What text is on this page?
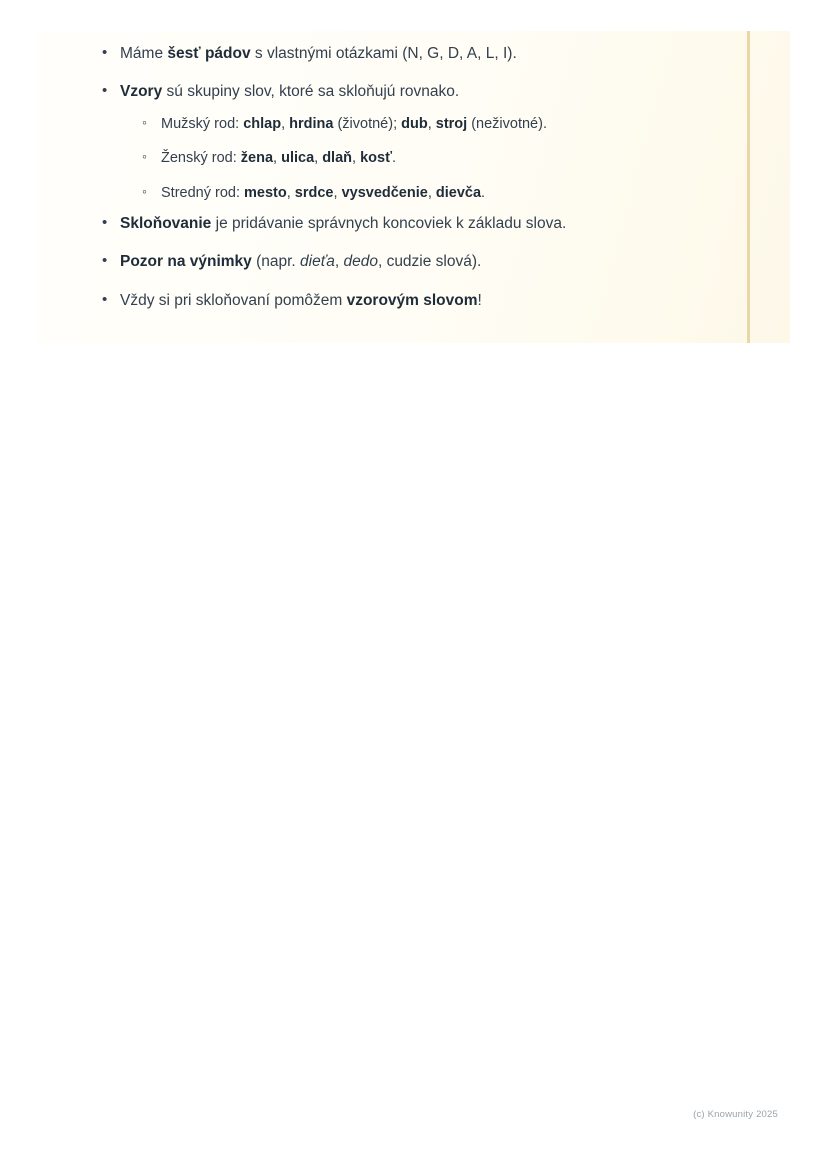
• Máme šesť pádov s vlastnými otázkami (N, G, D, A, L, I).
• Vzory sú skupiny slov, ktoré sa skloňujú rovnako.
◦ Mužský rod: chlap, hrdina (životné); dub, stroj (neživotné).
◦ Ženský rod: žena, ulica, dlaň, kosť.
◦ Stredný rod: mesto, srdce, vysvedčenie, dievča.
• Skloňovanie je pridávanie správnych koncoviek k základu slova.
• Pozor na výnimky (napr. dieťa, dedo, cudzie slová).
• Vždy si pri skloňovaní pomôžem vzorovým slovom!
(c) Knowunity 2025
